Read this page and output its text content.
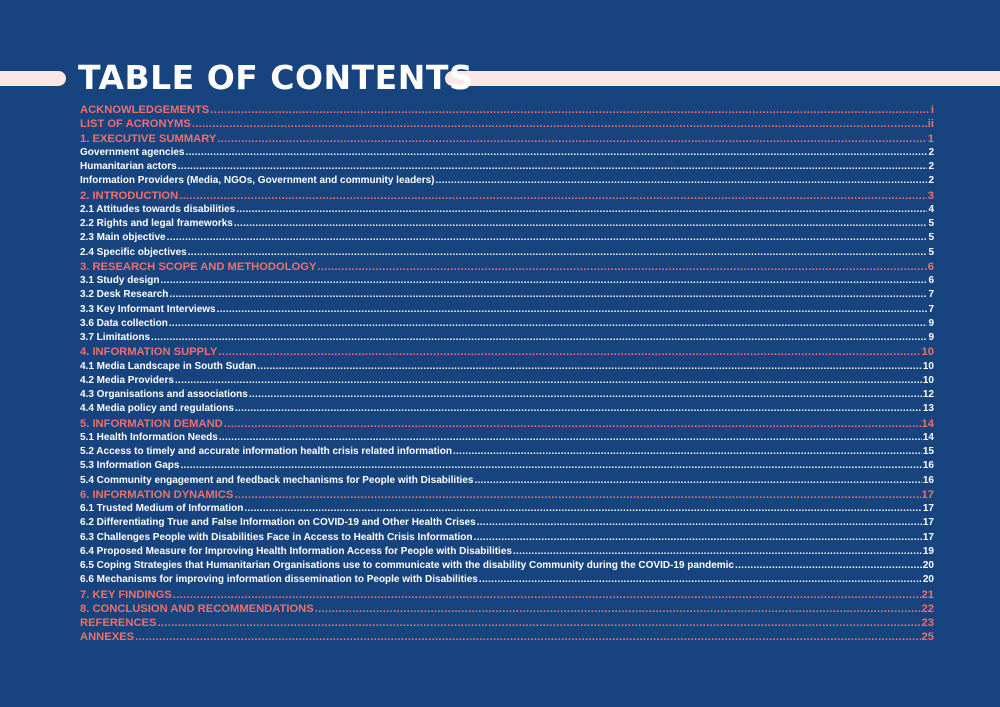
TABLE OF CONTENTS
ACKNOWLEDGEMENTS .....	i
LIST OF ACRONYMS .....	ii
1. EXECUTIVE SUMMARY .....	1
Government agencies .....	2
Humanitarian actors .....	2
Information Providers (Media, NGOs, Government and community leaders) .....	2
2. INTRODUCTION .....	3
2.1 Attitudes towards disabilities .....	4
2.2 Rights and legal frameworks .....	5
2.3 Main objective .....	5
2.4 Specific objectives .....	5
3. RESEARCH SCOPE AND METHODOLOGY .....	6
3.1 Study design .....	6
3.2 Desk Research .....	7
3.3 Key Informant Interviews .....	7
3.6 Data collection .....	9
3.7 Limitations .....	9
4. INFORMATION SUPPLY .....	10
4.1 Media Landscape in South Sudan .....	10
4.2 Media Providers .....	10
4.3 Organisations and associations .....	12
4.4 Media policy and regulations .....	13
5. INFORMATION DEMAND .....	14
5.1 Health Information Needs .....	14
5.2 Access to timely and accurate information health crisis related information .....	15
5.3 Information Gaps .....	16
5.4 Community engagement and feedback mechanisms for People with Disabilities .....	16
6. INFORMATION DYNAMICS .....	17
6.1 Trusted Medium of Information .....	17
6.2 Differentiating True and False Information on COVID-19 and Other Health Crises .....	17
6.3 Challenges People with Disabilities Face in Access to Health Crisis Information .....	17
6.4 Proposed Measure for Improving Health Information Access for People with Disabilities .....	19
6.5 Coping Strategies that Humanitarian Organisations use to communicate with the disability Community during the COVID-19 pandemic .....	20
6.6 Mechanisms for improving information dissemination to People with Disabilities .....	20
7. KEY FINDINGS .....	21
8. CONCLUSION AND RECOMMENDATIONS .....	22
REFERENCES .....	23
ANNEXES .....	25
